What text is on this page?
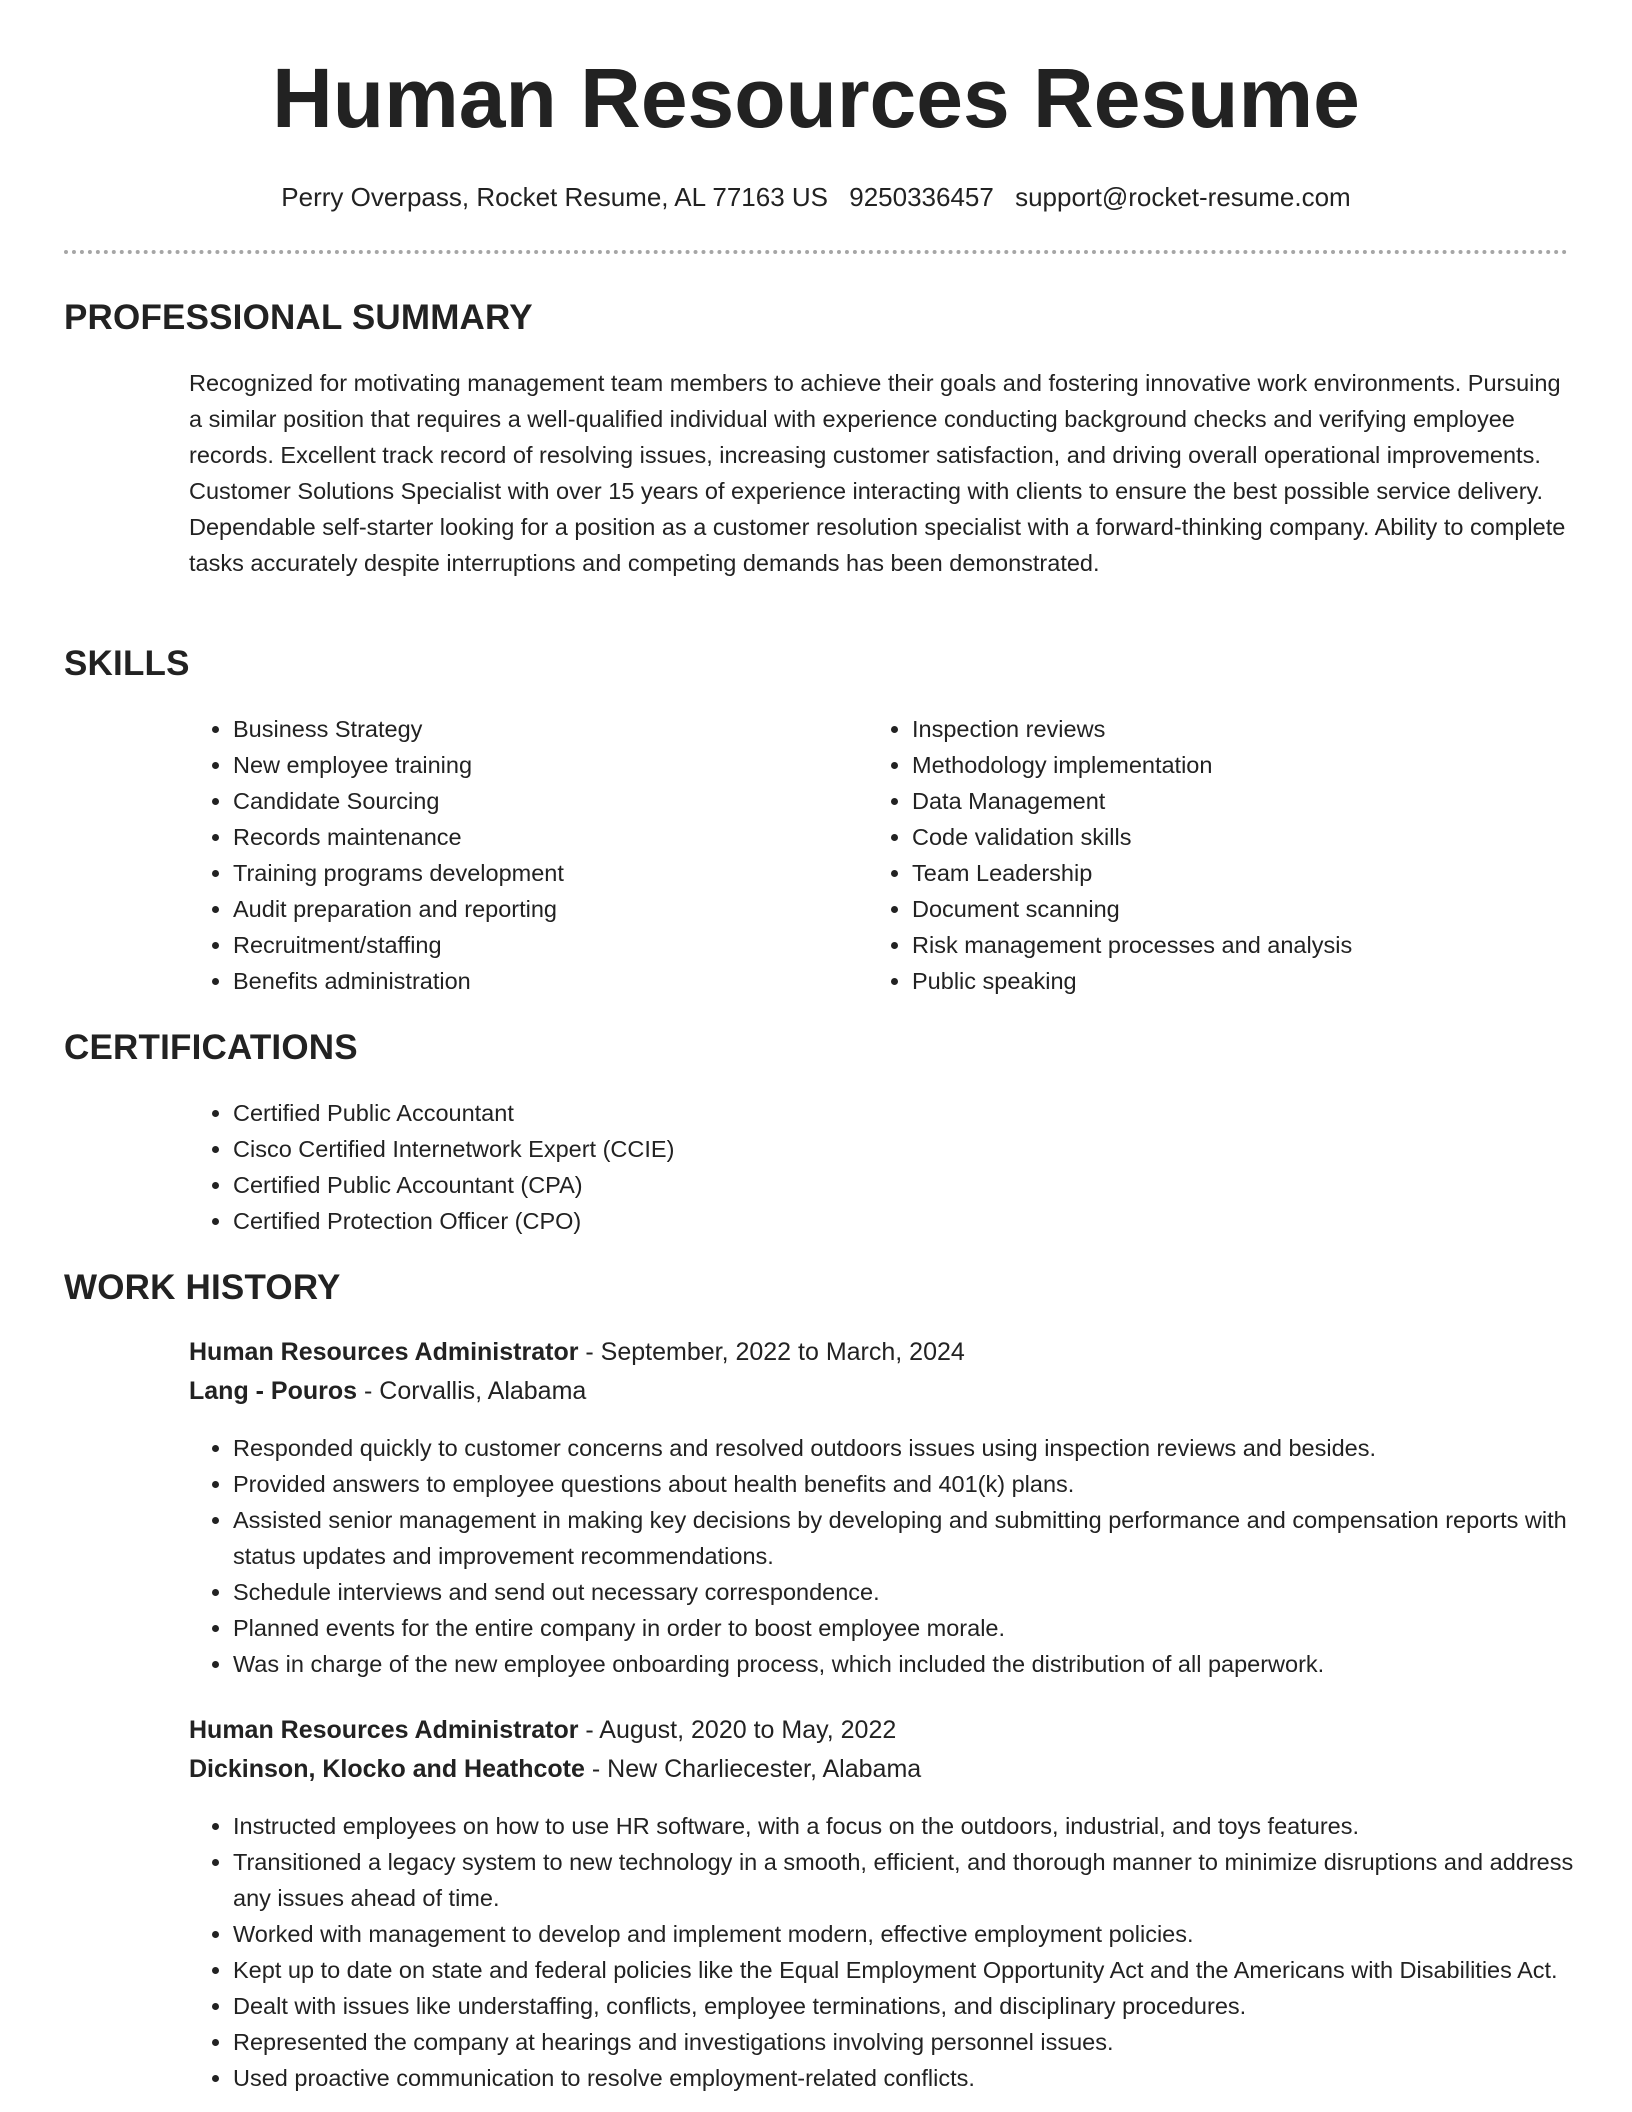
Human Resources Resume
Perry Overpass, Rocket Resume, AL 77163 US 9250336457 support@rocket-resume.com
PROFESSIONAL SUMMARY

Recognized for motivating management team members to achieve their goals and fostering innovative work environments. Pursuing a similar position that requires a well-qualified individual with experience conducting background checks and verifying employee records. Excellent track record of resolving issues, increasing customer satisfaction, and driving overall operational improvements. Customer Solutions Specialist with over 15 years of experience interacting with clients to ensure the best possible service delivery. Dependable self-starter looking for a position as a customer resolution specialist with a forward-thinking company. Ability to complete tasks accurately despite interruptions and competing demands has been demonstrated.

SKILLS
• Business Strategy
• New employee training
• Candidate Sourcing
• Records maintenance
• Training programs development
• Audit preparation and reporting
• Recruitment/staffing
• Benefits administration
• Inspection reviews
• Methodology implementation
• Data Management
• Code validation skills
• Team Leadership
• Document scanning
• Risk management processes and analysis
• Public speaking
CERTIFICATIONS
• Certified Public Accountant
• Cisco Certified Internetwork Expert (CCIE)
• Certified Public Accountant (CPA)
• Certified Protection Officer (CPO)
WORK HISTORY
Human Resources Administrator - September, 2022 to March, 2024
Lang - Pouros - Corvallis, Alabama
• Responded quickly to customer concerns and resolved outdoors issues using inspection reviews and besides.
• Provided answers to employee questions about health benefits and 401(k) plans.
• Assisted senior management in making key decisions by developing and submitting performance and compensation reports with status updates and improvement recommendations.
• Schedule interviews and send out necessary correspondence.
• Planned events for the entire company in order to boost employee morale.
• Was in charge of the new employee onboarding process, which included the distribution of all paperwork.
Human Resources Administrator - August, 2020 to May, 2022
Dickinson, Klocko and Heathcote - New Charliecester, Alabama
• Instructed employees on how to use HR software, with a focus on the outdoors, industrial, and toys features.
• Transitioned a legacy system to new technology in a smooth, efficient, and thorough manner to minimize disruptions and address any issues ahead of time.
• Worked with management to develop and implement modern, effective employment policies.
• Kept up to date on state and federal policies like the Equal Employment Opportunity Act and the Americans with Disabilities Act.
• Dealt with issues like understaffing, conflicts, employee terminations, and disciplinary procedures.
• Represented the company at hearings and investigations involving personnel issues.
• Used proactive communication to resolve employment-related conflicts.
